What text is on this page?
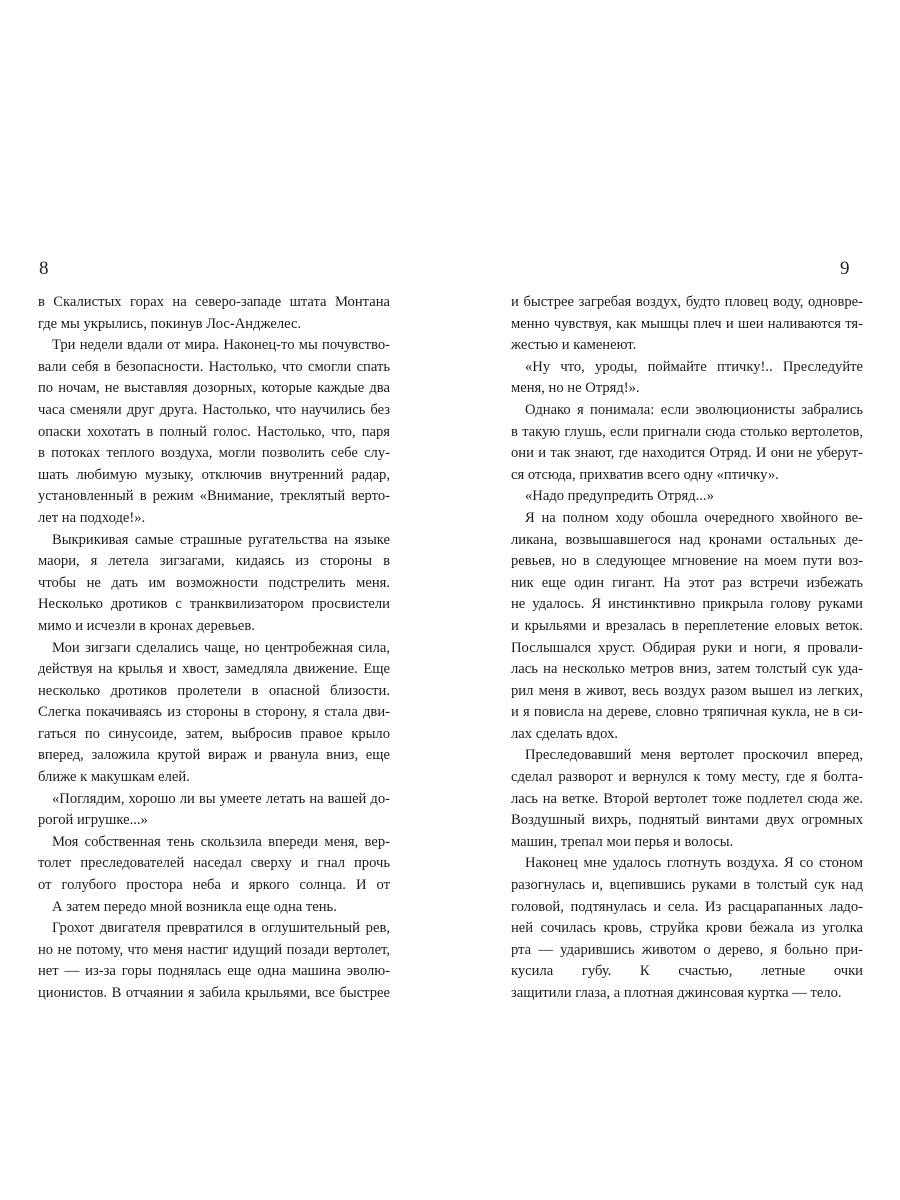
8	9
в Скалистых горах на северо-западе штата Монтана
где мы укрылись, покинув Лос-Анджелес.
Три недели вдали от мира. Наконец-то мы почувство-
вали себя в безопасности. Настолько, что смогли спать
по ночам, не выставляя дозорных, которые каждые два
часа сменяли друг друга. Настолько, что научились без
опаски хохотать в полный голос. Настолько, что, паря
в потоках теплого воздуха, могли позволить себе слу-
шать любимую музыку, отключив внутренний радар,
установленный в режим «Внимание, треклятый верто-
лет на подходе!».
Выкрикивая самые страшные ругательства на языке
маори, я летела зигзагами, кидаясь из стороны в
чтобы не дать им возможности подстрелить меня.
Несколько дротиков с транквилизатором просвистели
мимо и исчезли в кронах деревьев.
Мои зигзаги сделались чаще, но центробежная сила,
действуя на крылья и хвост, замедляла движение. Еще
несколько дротиков пролетели в опасной близости.
Слегка покачиваясь из стороны в сторону, я стала дви-
гаться по синусоиде, затем, выбросив правое крыло
вперед, заложила крутой вираж и рванула вниз, еще
ближе к макушкам елей.
«Поглядим, хорошо ли вы умеете летать на вашей до-
рогой игрушке...»
Моя собственная тень скользила впереди меня, вер-
толет преследователей наседал сверху и гнал прочь
от голубого простора неба и яркого солнца. И от
А затем передо мной возникла еще одна тень.
Грохот двигателя превратился в оглушительный рев,
но не потому, что меня настиг идущий позади вертолет,
нет — из-за горы поднялась еще одна машина эволю-
ционистов. В отчаянии я забила крыльями, все быстрее
и быстрее загребая воздух, будто пловец воду, одновре-
менно чувствуя, как мышцы плеч и шеи наливаются тя-
жестью и каменеют.
«Ну что, уроды, поймайте птичку!.. Преследуйте
меня, но не Отряд!».
Однако я понимала: если эволюционисты забрались
в такую глушь, если пригнали сюда столько вертолетов,
они и так знают, где находится Отряд. И они не уберут-
ся отсюда, прихватив всего одну «птичку».
«Надо предупредить Отряд...»
Я на полном ходу обошла очередного хвойного ве-
ликана, возвышавшегося над кронами остальных де-
ревьев, но в следующее мгновение на моем пути воз-
ник еще один гигант. На этот раз встречи избежать
не удалось. Я инстинктивно прикрыла голову руками
и крыльями и врезалась в переплетение еловых веток.
Послышался хруст. Обдирая руки и ноги, я провали-
лась на несколько метров вниз, затем толстый сук уда-
рил меня в живот, весь воздух разом вышел из легких,
и я повисла на дереве, словно тряпичная кукла, не в си-
лах сделать вдох.
Преследовавший меня вертолет проскочил вперед,
сделал разворот и вернулся к тому месту, где я болта-
лась на ветке. Второй вертолет тоже подлетел сюда же.
Воздушный вихрь, поднятый винтами двух огромных
машин, трепал мои перья и волосы.
Наконец мне удалось глотнуть воздуха. Я со стоном
разогнулась и, вцепившись руками в толстый сук над
головой, подтянулась и села. Из расцарапанных ладо-
ней сочилась кровь, струйка крови бежала из уголка
рта — ударившись животом о дерево, я больно при-
кусила губу. К счастью, летные очки
защитили глаза, а плотная джинсовая куртка — тело.
